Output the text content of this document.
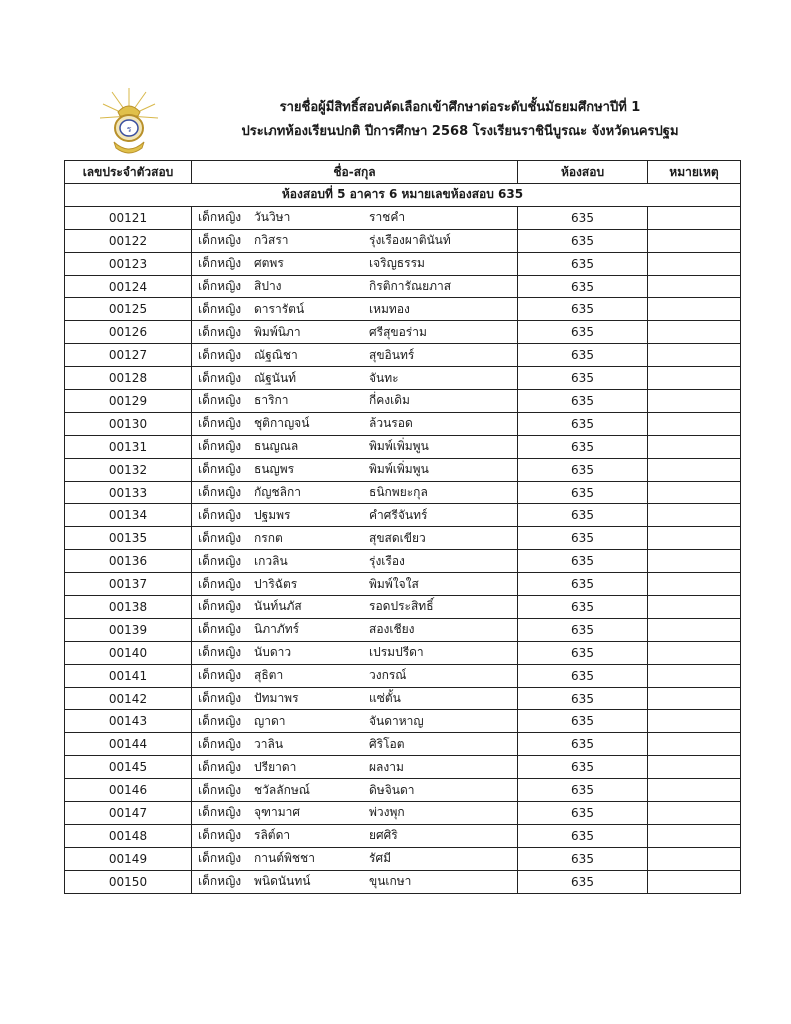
ร
รายชื่อผู้มีสิทธิ์สอบคัดเลือกเข้าศึกษาต่อระดับชั้นมัธยมศึกษาปีที่ 1
ประเภทห้องเรียนปกติ ปีการศึกษา 2568 โรงเรียนราชินีบูรณะ จังหวัดนครปฐม
เลขประจำตัวสอบ	ชื่อ-สกุล	ห้องสอบ	หมายเหตุ
ห้องสอบที่ 5 อาคาร 6 หมายเลขห้องสอบ 635			
00121	เด็กหญิง วันวิษา ราชคำ	635	
00122	เด็กหญิง กวิสรา รุ่งเรืองผาตินันท์	635	
00123	เด็กหญิง ศตพร เจริญธรรม	635	
00124	เด็กหญิง สิปาง กิรติการัณยภาส	635	
00125	เด็กหญิง ดารารัตน์ เหมทอง	635	
00126	เด็กหญิง พิมพ์นิภา ศรีสุขอร่าม	635	
00127	เด็กหญิง ณัฐณิชา สุขอินทร์	635	
00128	เด็กหญิง ณัฐนันท์ จันทะ	635	
00129	เด็กหญิง ธาริกา กี่คงเดิม	635	
00130	เด็กหญิง ชุติกาญจน์ ล้วนรอด	635	
00131	เด็กหญิง ธนญณล พิมพ์เพิ่มพูน	635	
00132	เด็กหญิง ธนญพร พิมพ์เพิ่มพูน	635	
00133	เด็กหญิง กัญชลิกา ธนิกพยะกุล	635	
00134	เด็กหญิง ปฐมพร คำศรีจันทร์	635	
00135	เด็กหญิง กรกต สุขสดเขียว	635	
00136	เด็กหญิง เกวลิน รุ่งเรือง	635	
00137	เด็กหญิง ปาริฉัตร พิมพ์ใจใส	635	
00138	เด็กหญิง นันท์นภัส รอดประสิทธิ์	635	
00139	เด็กหญิง นิภาภัทร์ สองเชียง	635	
00140	เด็กหญิง นับดาว เปรมปรีดา	635	
00141	เด็กหญิง สุธิตา วงกรณ์	635	
00142	เด็กหญิง ปัทมาพร แซ่ตั้น	635	
00143	เด็กหญิง ญาดา จันดาหาญ	635	
00144	เด็กหญิง วาลิน ศิริโอต	635	
00145	เด็กหญิง ปรียาดา ผลงาม	635	
00146	เด็กหญิง ชวัลลักษณ์ ดิษจินดา	635	
00147	เด็กหญิง จุฑามาศ พ่วงพุก	635	
00148	เด็กหญิง รลิต์ดา ยศศิริ	635	
00149	เด็กหญิง กานต์พิชชา รัศมี	635	
00150	เด็กหญิง พนิดนันทน์ ขุนเกษา	635	
